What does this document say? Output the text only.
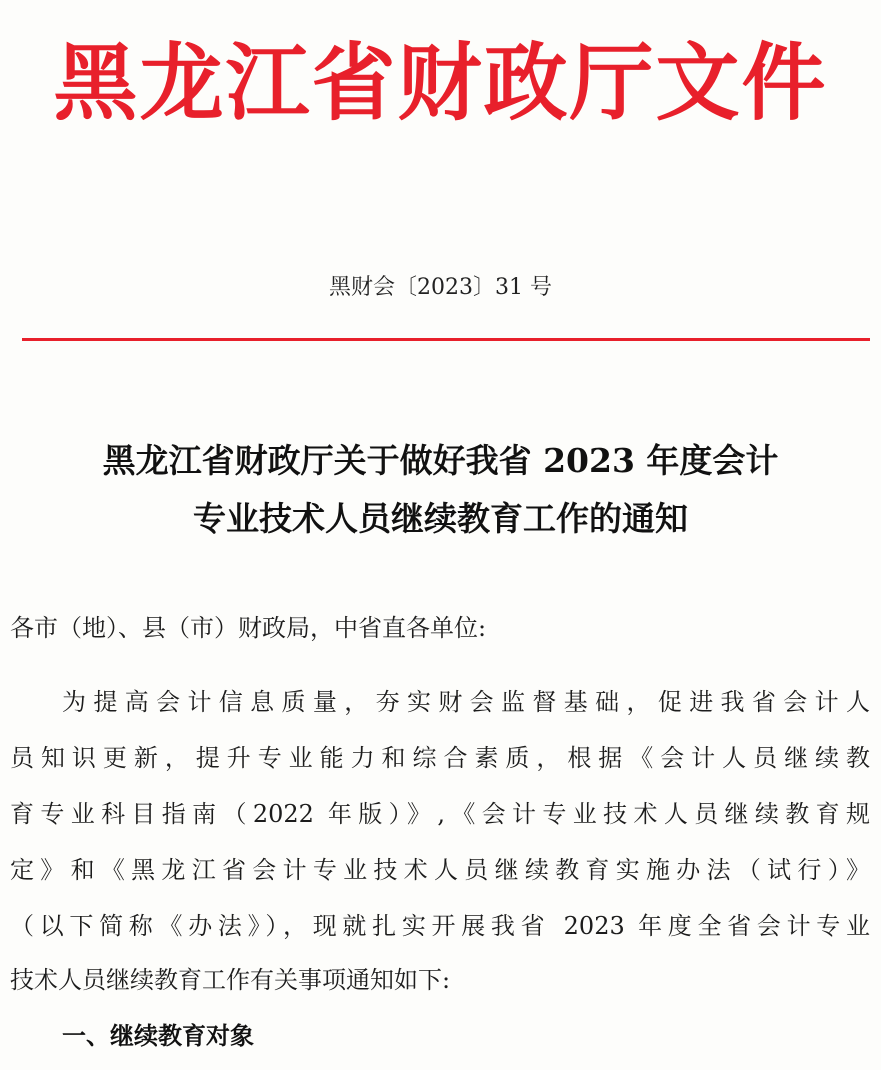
黑龙江省财政厅文件
黑财会〔2023〕31 号
黑龙江省财政厅关于做好我省 2023 年度会计
专业技术人员继续教育工作的通知
各市（地）、县（市）财政局，中省直各单位:
为提高会计信息质量，夯实财会监督基础，促进我省会计人
员知识更新，提升专业能力和综合素质，根据《会计人员继续教
育专业科目指南（2022 年版）》,《会计专业技术人员继续教育规
定》和《黑龙江省会计专业技术人员继续教育实施办法（试行）》
（以下简称《办法》），现就扎实开展我省 2023 年度全省会计专业
技术人员继续教育工作有关事项通知如下:
一、继续教育对象
